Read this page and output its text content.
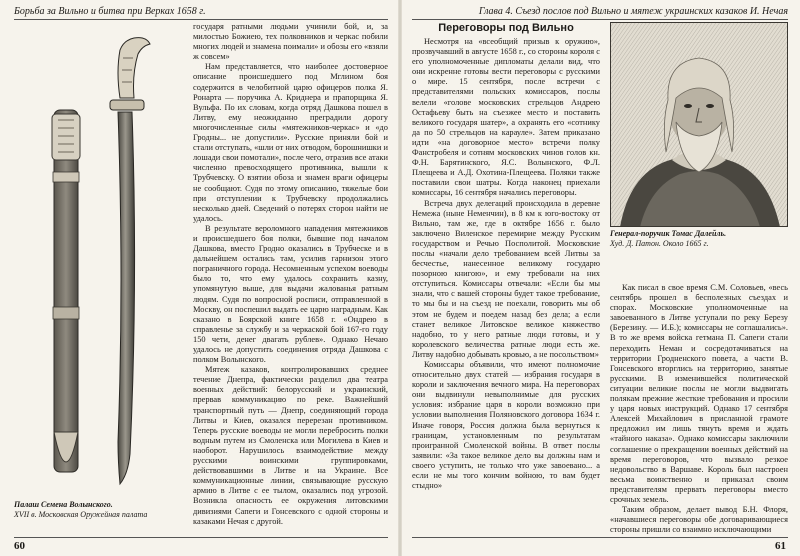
Борьба за Вильно и битва при Верках 1658 г.
Палаш Семена Волынского.
XVII в. Московская Оружейная палата

государя ратными людьми учинили бой, и, за милостью Божиею, тех полковников и черкас побили многих людей и знамена поимали» и обозы его «взяли ж совсем»

Нам представляется, что наиболее достоверное описание происшедшего под Мглином боя содержится в челобитной царю офицеров полка Я. Ронарта — поручика А. Криднера и прапорщика Я. Вульфа. По их словам, когда отряд Дашкова пошел в Литву, ему неожиданно преградили дорогу многочисленные силы «мятежников-черкас» и «до Гродны... не допустили». Русские приняли бой и стали отступать, «шли от них отводом, борошнишки и лошади свои помотали», после чего, отразив все атаки численно превосходящего противника, вышли к Трубчевску. О взятии обоза и знамен враги офицеры не сообщают. Судя по этому описанию, тяжелые бои при отступлении к Трубчевску продолжались несколько дней. Сведений о потерях сторон найти не удалось.

В результате вероломного нападения мятежников и происшедшего боя полки, бывшие под началом Дашкова, вместо Гродно оказались в Трубческе и в дальнейшем остались там, усилив гарнизон этого пограничного города. Несомненным успехом воеводы было то, что ему удалось сохранить казну, упомянутую выше, для выдачи жалованья ратным людям. Судя по вопросной росписи, отправленной в Москву, он поспешил выдать ее царю наградным. Как сказано в Боярской книге 1658 г. «Ондрею в справленье за службу и за черкаской бой 167-го году 150 чети, денег двагать рублев». Однако Нечаю удалось не допустить соединения отряда Дашкова с полком Волынского.

Мятеж казаков, контролировавших среднее течение Днепра, фактически разделил два театра военных действий: белорусский и украинский, прервав коммуникацию по реке. Важнейший транспортный путь — Днепр, соединяющий города Литвы и Киев, оказался перерезан противником. Теперь русские воеводы не могли перебросить полки водным путем из Смоленска или Могилева в Киев и наоборот. Нарушилось взаимодействие между русскими воинскими группировками, действовавшими в Литве и на Украине. Все коммуникационные линии, связывающие русскую армию в Литве с ее тылом, оказались под угрозой. Возникла опасность ее окружения литовскими дивизиями Сапеги и Гонсевского с одной стороны и казаками Нечая с другой.

60
Глава 4. Съезд послов под Вильно и мятеж украинских казаков И. Нечая
Переговоры под Вильно

Несмотря на «всеобщий призыв к оружию», прозвучавший в августе 1658 г., со стороны короля с его уполномоченные дипломаты делали вид, что они искренне готовы вести переговоры с русскими о мире. 15 сентября, после встречи с представителями польских комиссаров, послы велели «голове московских стрельцов Андрею Остафьеву быть на съезжее место и поставить великого государя шатер», а охранять его «сотнику да по 50 стрельцов на карауле». Затем приказано идти «на договорное место» встречи полку Фанстробеля и сотням московских чинов голов кн. Ф.Н. Барятинского, Я.С. Волынского, Ф.Л. Плещеева и А.Д. Охотина-Плещеева. Поляки также поставили свои шатры. Когда наконец приехали комиссары, 16 сентября начались переговоры.

Встреча двух делегаций происходила в деревне Немежа (ныне Неменчин), в 8 км к юго-востоку от Вильно, там же, где в октябре 1656 г. было заключено Виленское перемирие между Русским государством и Речью Посполитой. Московские послы «начали дело требованием всей Литвы за бесчестье, нанесенное великому государю позорною книгою», и ему требовали на них отступиться. Комиссары отвечали: «Если бы мы знали, что с вашей стороны будет такое требование, то мы бы и на съезд не поехали, говорить мы об этом не будем и поедем назад без дела; а если станет великое Литовское великое княжество надобно, то у него ратные люди готовы, и у королевского величества ратные люди есть же. Литву надобно добывать кровью, а не посольством»

Комиссары объявили, что имеют полномочие относительно двух статей — избрания государя в короли и заключения вечного мира. На переговорах они выдвинули невыполнимые для русских условия: избрание царя в короли возможно при условии выполнения Поляновского договора 1634 г. Иначе говоря, Россия должна была вернуться к границам, установленным по результатам проигранной Смоленской войны. В ответ послы заявили: «За такое великое дело вы должны нам и своего уступить, не только что уже завоевано... а если не мы того кончим войною, то вам будет стыдно»

Генерал-поручик Томас Далейль.
Худ. Д. Патон. Около 1665 г.

Как писал в свое время С.М. Соловьев, «весь сентябрь прошел в бесполезных съездах и спорах. Московские уполномоченные на завоеванного в Литве уступали по реку Березу (Березину. — И.Б.); комиссары не соглашались». В то же время войска гетмана П. Сапеги стали переходить Неман и сосредотачиваться на территории Гродненского повета, а части В. Гонсевского вторглись на территорию, занятые русскими. В изменившейся политической ситуации великие послы не могли выдвигать полякам прежние жесткие требования и просили у царя новых инструкций. Однако 17 сентября Алексей Михайлович в присланной грамоте предложил им лишь тянуть время и ждать «тайного наказа». Однако комиссары заключили соглашение о прекращении военных действий на время переговоров, что вызвало резкое недовольство в Варшаве. Король был настроен весьма воинственно и приказал своим представителям прервать переговоры вместо срочных земель.

Таким образом, делает вывод Б.Н. Флоря, «начавшиеся переговоры обе договаривающиеся стороны пришли со взаимно исключающими

61
